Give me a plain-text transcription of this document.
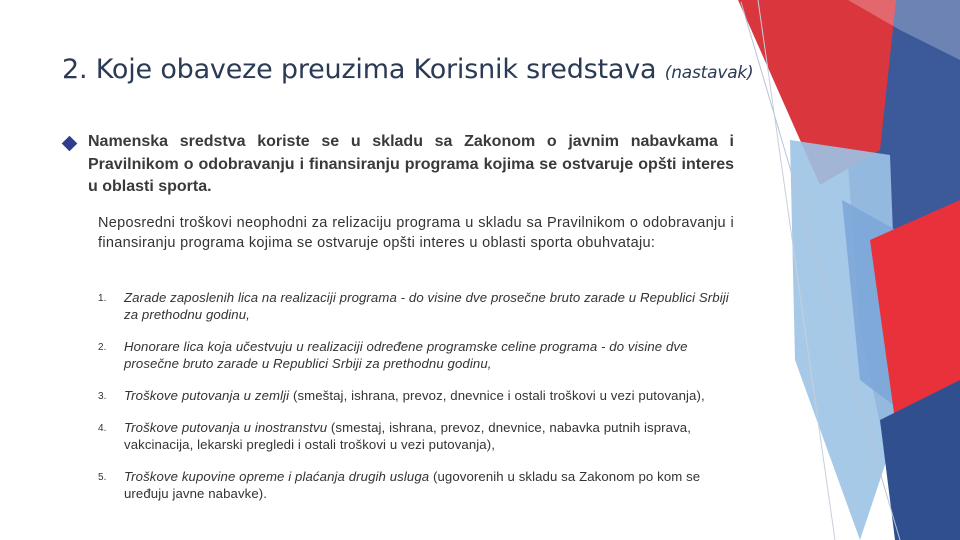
2. Koje obaveze preuzima Korisnik sredstava (nastavak)
Namenska sredstva koriste se u skladu sa Zakonom o javnim nabavkama i Pravilnikom o odobravanju i finansiranju programa kojima se ostvaruje opšti interes u oblasti sporta.
Neposredni troškovi neophodni za relizaciju programa u skladu sa Pravilnikom o odobravanju i finansiranju programa kojima se ostvaruje opšti interes u oblasti sporta obuhvataju:
1. Zarade zaposlenih lica na realizaciji programa - do visine dve prosečne bruto zarade u Republici Srbiji za prethodnu godinu,
2. Honorare lica koja učestvuju u realizaciji određene programske celine programa - do visine dve prosečne bruto zarade u Republici Srbiji za prethodnu godinu,
3. Troškove putovanja u zemlji (smeštaj, ishrana, prevoz, dnevnice i ostali troškovi u vezi putovanja),
4. Troškove putovanja u inostranstvu (smestaj, ishrana, prevoz, dnevnice, nabavka putnih isprava, vakcinacija, lekarski pregledi i ostali troškovi u vezi putovanja),
5. Troškove kupovine opreme i plaćanja drugih usluga (ugovorenih u skladu sa Zakonom po kom se uređuju javne nabavke).
